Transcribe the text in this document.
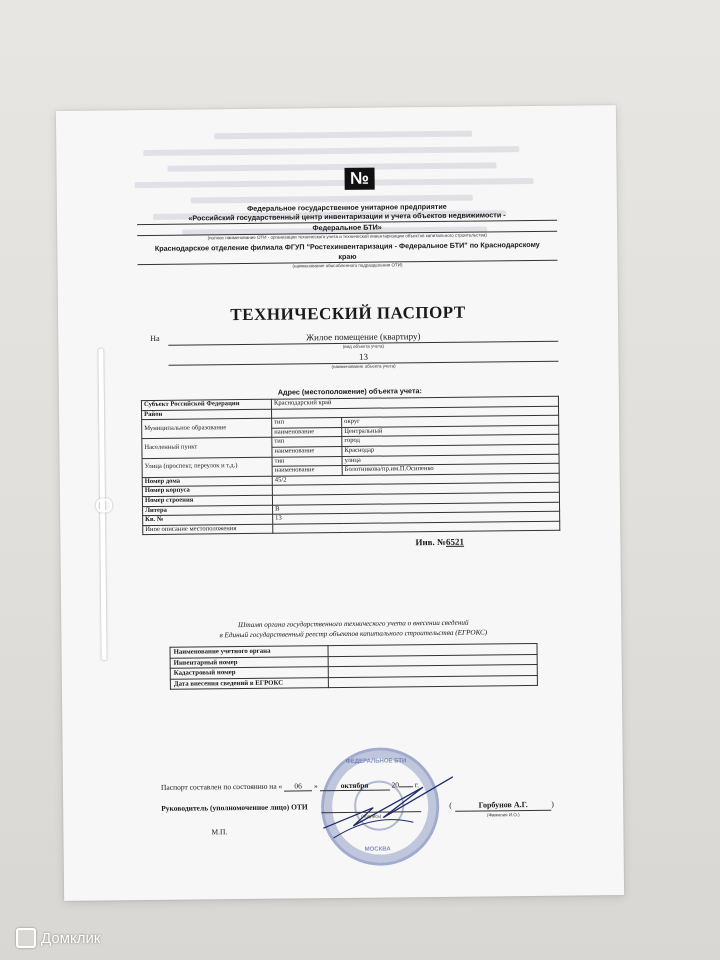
№
Федеральное государственное унитарное предприятие
«Российский государственный центр инвентаризации и учета объектов недвижимости -
Федеральное БТИ»
(полное наименование ОТИ - организации технического учета и технической инвентаризации объектов капитального строительства)
Краснодарское отделение филиала ФГУП "Ростехинвентаризация - Федеральное БТИ" по Краснодарскому
краю
(наименование обособленного подразделения ОТИ)
ТЕХНИЧЕСКИЙ ПАСПОРТ
На	Жилое помещение (квартиру)
(вид объекта учета)
13
(наименование объекта учета)
Адрес (местоположение) объекта учета:
Субъект Российской Федерации	Краснодарский край	
Район		
Муниципальное образование	тип	округ
	наименование	Центральный
Населенный пункт	тип	город
	наименование	Краснодар
Улица (проспект, переулок и т.д.)	тип	улица
	наименование	Болотникова/пр.им.П.Осипенко
Номер дома	45/2	
Номер корпуса		
Номер строения		
Литера	В	
Кв. №	13	
Иное описание местоположения		
Инв. №6521
Штамп органа государственного технического учета о внесении сведений
в Единый государственный реестр объектов капитального строительства (ЕГРОКС)
Наименование учетного органа	
Инвентарный номер	
Кадастровый номер	
Дата внесения сведений в ЕГРОКС	
ФЕДЕРАЛЬНОЕ БТИ
МОСКВА
Паспорт составлен по состоянию на « 06 »	октября	20 г.
Руководитель (уполномоченное лицо) ОТИ
(подпись)
(	Горбунов А.Г.	)
(Фамилия И.О.)
М.П.
Домклик
